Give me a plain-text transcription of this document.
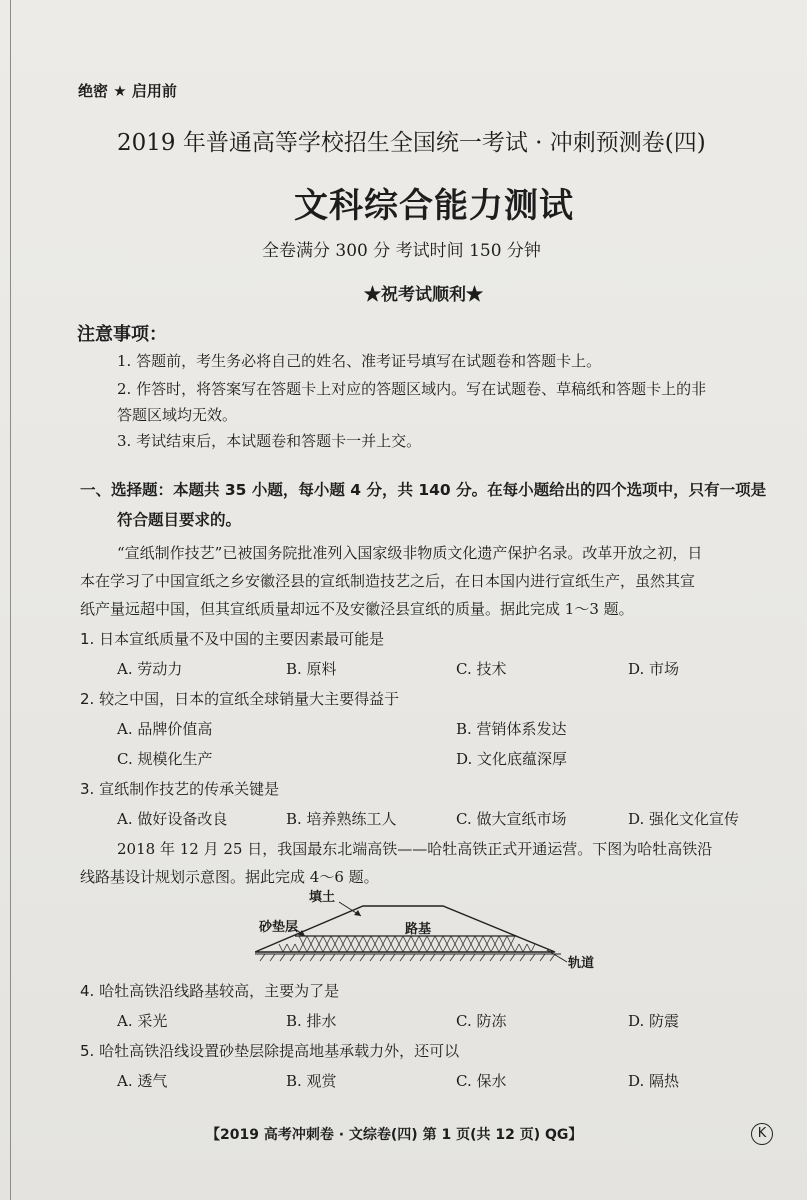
绝密 ★ 启用前
2019 年普通高等学校招生全国统一考试 · 冲刺预测卷(四)
文科综合能力测试
全卷满分 300 分 考试时间 150 分钟
★祝考试顺利★
注意事项：
1. 答题前，考生务必将自己的姓名、准考证号填写在试题卷和答题卡上。
2. 作答时，将答案写在答题卡上对应的答题区域内。写在试题卷、草稿纸和答题卡上的非
答题区域均无效。
3. 考试结束后，本试题卷和答题卡一并上交。
一、选择题：本题共 35 小题，每小题 4 分，共 140 分。在每小题给出的四个选项中，只有一项是
符合题目要求的。
“宣纸制作技艺”已被国务院批准列入国家级非物质文化遗产保护名录。改革开放之初，日
本在学习了中国宣纸之乡安徽泾县的宣纸制造技艺之后，在日本国内进行宣纸生产，虽然其宣
纸产量远超中国，但其宣纸质量却远不及安徽泾县宣纸的质量。据此完成 1～3 题。
1. 日本宣纸质量不及中国的主要因素最可能是
A. 劳动力	B. 原料	C. 技术	D. 市场
2. 较之中国，日本的宣纸全球销量大主要得益于
A. 品牌价值高	B. 营销体系发达
C. 规模化生产	D. 文化底蕴深厚
3. 宣纸制作技艺的传承关键是
A. 做好设备改良	B. 培养熟练工人	C. 做大宣纸市场	D. 强化文化宣传
2018 年 12 月 25 日，我国最东北端高铁——哈牡高铁正式开通运营。下图为哈牡高铁沿
线路基设计规划示意图。据此完成 4～6 题。
填土
砂垫层	路基
轨道
4. 哈牡高铁沿线路基较高，主要为了是
A. 采光	B. 排水	C. 防冻	D. 防震
5. 哈牡高铁沿线设置砂垫层除提高地基承载力外，还可以
A. 透气	B. 观赏	C. 保水	D. 隔热
【2019 高考冲刺卷 · 文综卷(四) 第 1 页(共 12 页) QG】	K
